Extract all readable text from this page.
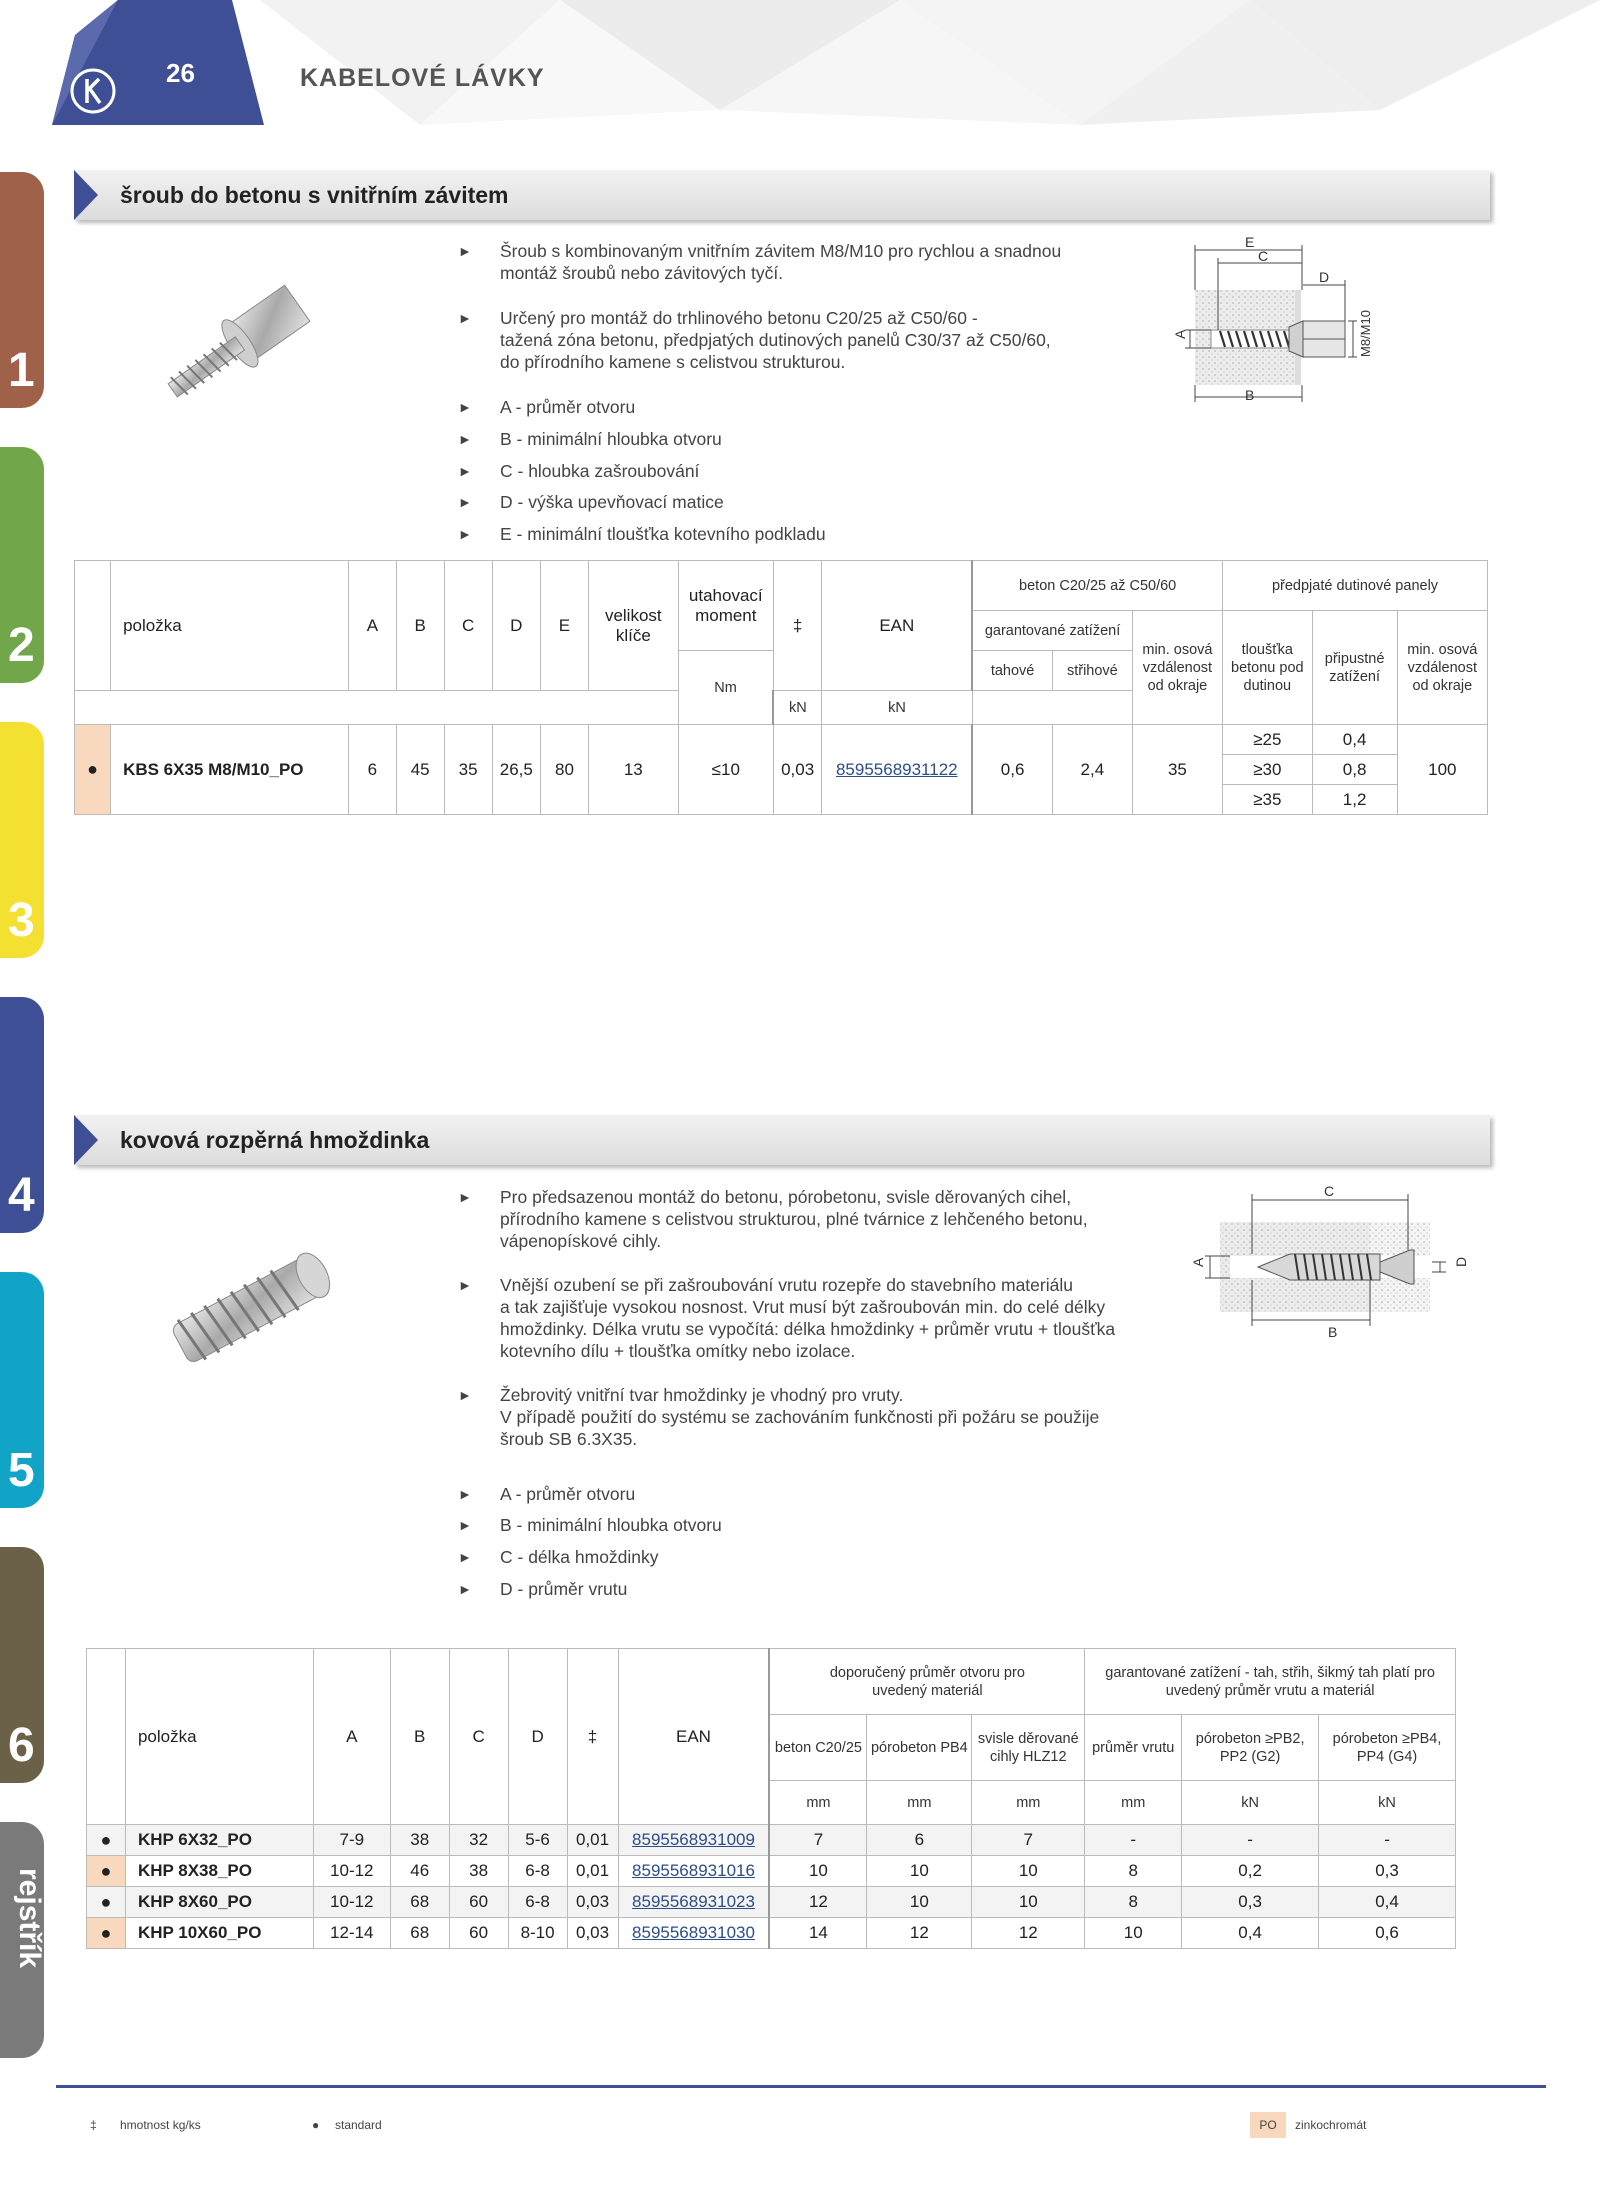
26	KABELOVÉ LÁVKY
1
2
3
4
5
6
rejstřík
šroub do betonu s vnitřním závitem
► Šroub s kombinovaným vnitřním závitem M8/M10 pro rychlou a snadnou
montáž šroubů nebo závitových tyčí.
► Určený pro montáž do trhlinového betonu C20/25 až C50/60 -
tažená zóna betonu, předpjatých dutinových panelů C30/37 až C50/60,
do přírodního kamene s celistvou strukturou.
► A - průměr otvoru
► B - minimální hloubka otvoru
► C - hloubka zašroubování
► D - výška upevňovací matice
► E - minimální tloušťka kotevního podkladu
E
C
D
B
A	M8/M10
	položka	A	B	C	D	E	velikost klíče	utahovací moment	‡	EAN	beton C20/25 až C50/60			předpjaté dutinové panely		
											garantované zatížení		min. osová vzdálenost od okraje	tloušťka betonu pod dutinou	připustné zatížení	min. osová vzdálenost od okraje
								Nm			tahové	střihové				
									kN	kN						
●	KBS 6X35 M8/M10_PO	6	45	35	26,5	80	13	≤10	0,03	8595568931122	0,6	2,4	35	≥25	0,4	100
														≥30	0,8	
														≥35	1,2	
kovová rozpěrná hmoždinka
► Pro předsazenou montáž do betonu, pórobetonu, svisle děrovaných cihel,
přírodního kamene s celistvou strukturou, plné tvárnice z lehčeného betonu,
vápenopískové cihly.
► Vnější ozubení se při zašroubování vrutu rozepře do stavebního materiálu
a tak zajišťuje vysokou nosnost. Vrut musí být zašroubován min. do celé délky
hmoždinky. Délka vrutu se vypočítá: délka hmoždinky + průměr vrutu + tloušťka
kotevního dílu + tloušťka omítky nebo izolace.
► Žebrovitý vnitřní tvar hmoždinky je vhodný pro vruty.
V případě použití do systému se zachováním funkčnosti při požáru se použije
šroub SB 6.3X35.
► A - průměr otvoru
► B - minimální hloubka otvoru
► C - délka hmoždinky
► D - průměr vrutu
C
B
A	D
	položka	A	B	C	D	‡	EAN	doporučený průměr otvoru pro uvedený materiál			garantované zatížení - tah, střih, šikmý tah platí pro uvedený průměr vrutu a materiál		
								beton C20/25	pórobeton PB4	svisle děrované cihly HLZ12	průměr vrutu	pórobeton ≥PB2, PP2 (G2)	pórobeton ≥PB4, PP4 (G4)
								mm	mm	mm	mm	kN	kN
●	KHP 6X32_PO	7-9	38	32	5-6	0,01	8595568931009	7	6	7	-	-	-
●	KHP 8X38_PO	10-12	46	38	6-8	0,01	8595568931016	10	10	10	8	0,2	0,3
●	KHP 8X60_PO	10-12	68	60	6-8	0,03	8595568931023	12	10	10	8	0,3	0,4
●	KHP 10X60_PO	12-14	68	60	8-10	0,03	8595568931030	14	12	12	10	0,4	0,6
‡ hmotnost kg/ks	● standard	PO	zinkochromát
